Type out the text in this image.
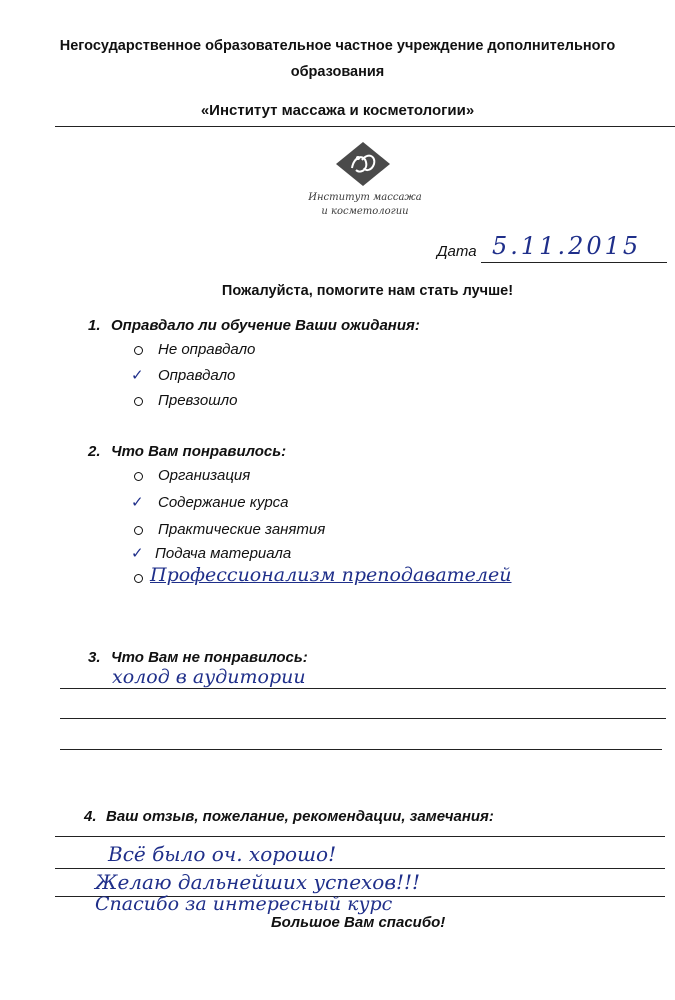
Негосударственное образовательное частное учреждение дополнительного
образования
«Институт массажа и косметологии»
Институт массажа
и косметологии
Дата 5.11.2015
Пожалуйста, помогите нам стать лучше!
1. Оправдало ли обучение Ваши ожидания:
Не оправдало
✓ Оправдало
Превзошло
2. Что Вам понравилось:
Организация
✓ Содержание курса
Практические занятия
✓ Подача материала
Профессионализм преподавателей
3. Что Вам не понравилось:
холод в аудитории
4. Ваш отзыв, пожелание, рекомендации, замечания:
Всё было оч. хорошо!
Желаю дальнейших успехов!!!
Спасибо за интересный курс
Большое Вам спасибо!
